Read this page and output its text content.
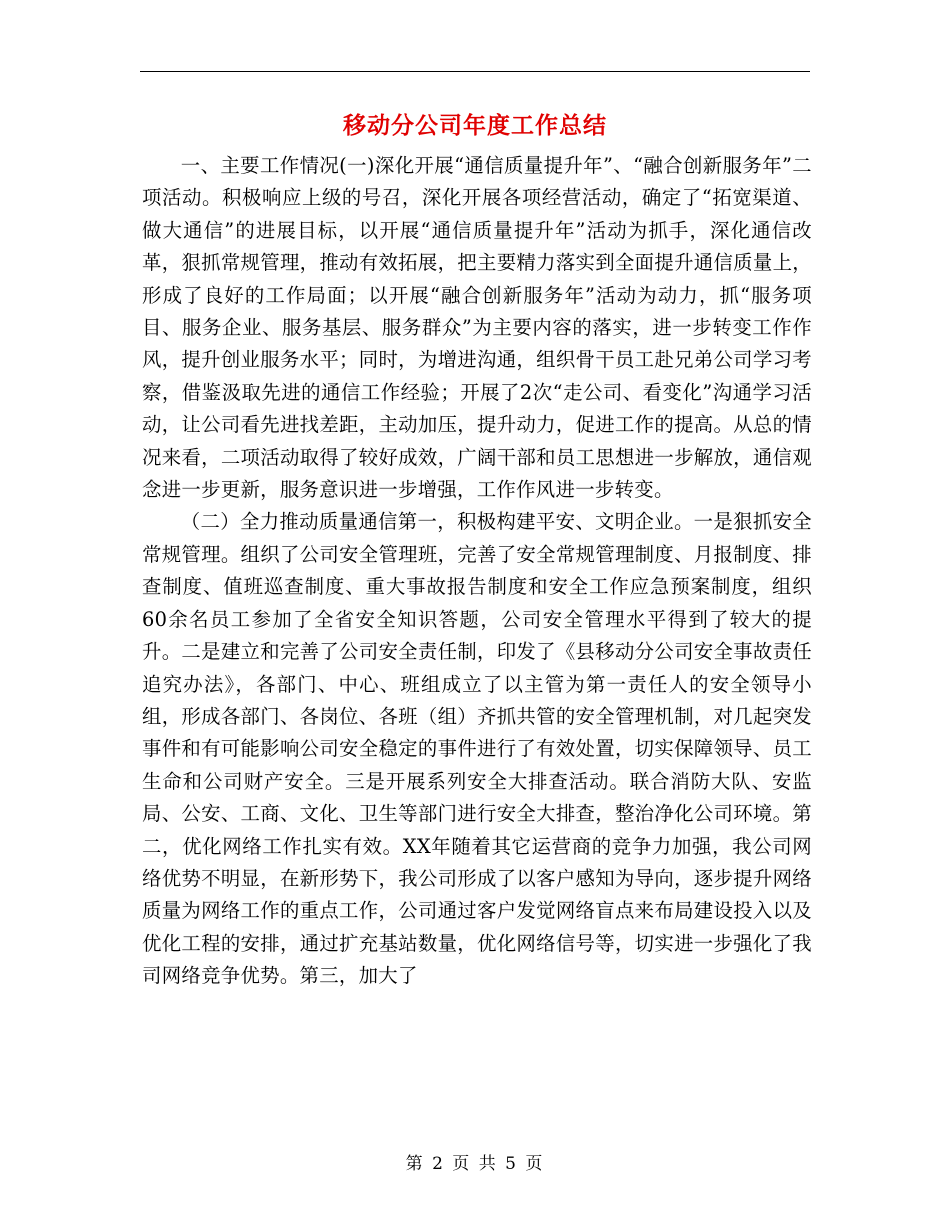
移动分公司年度工作总结

一、主要工作情况(一)深化开展“通信质量提升年”、“融合创新服务年”二项活动。积极响应上级的号召，深化开展各项经营活动，确定了“拓宽渠道、做大通信”的进展目标，以开展“通信质量提升年”活动为抓手，深化通信改革，狠抓常规管理，推动有效拓展，把主要精力落实到全面提升通信质量上，形成了良好的工作局面；以开展“融合创新服务年”活动为动力，抓“服务项目、服务企业、服务基层、服务群众”为主要内容的落实，进一步转变工作作风，提升创业服务水平；同时，为增进沟通，组织骨干员工赴兄弟公司学习考察，借鉴汲取先进的通信工作经验；开展了2次“走公司、看变化”沟通学习活动，让公司看先进找差距，主动加压，提升动力，促进工作的提高。从总的情况来看，二项活动取得了较好成效，广阔干部和员工思想进一步解放，通信观念进一步更新，服务意识进一步增强，工作作风进一步转变。

（二）全力推动质量通信第一，积极构建平安、文明企业。一是狠抓安全常规管理。组织了公司安全管理班，完善了安全常规管理制度、月报制度、排查制度、值班巡查制度、重大事故报告制度和安全工作应急预案制度，组织60余名员工参加了全省安全知识答题，公司安全管理水平得到了较大的提升。二是建立和完善了公司安全责任制，印发了《县移动分公司安全事故责任追究办法》，各部门、中心、班组成立了以主管为第一责任人的安全领导小组，形成各部门、各岗位、各班（组）齐抓共管的安全管理机制，对几起突发事件和有可能影响公司安全稳定的事件进行了有效处置，切实保障领导、员工生命和公司财产安全。三是开展系列安全大排查活动。联合消防大队、安监局、公安、工商、文化、卫生等部门进行安全大排查，整治净化公司环境。第二，优化网络工作扎实有效。XX年随着其它运营商的竞争力加强，我公司网络优势不明显，在新形势下，我公司形成了以客户感知为导向，逐步提升网络质量为网络工作的重点工作，公司通过客户发觉网络盲点来布局建设投入以及优化工程的安排，通过扩充基站数量，优化网络信号等，切实进一步强化了我司网络竞争优势。第三，加大了

第 2 页 共 5 页
